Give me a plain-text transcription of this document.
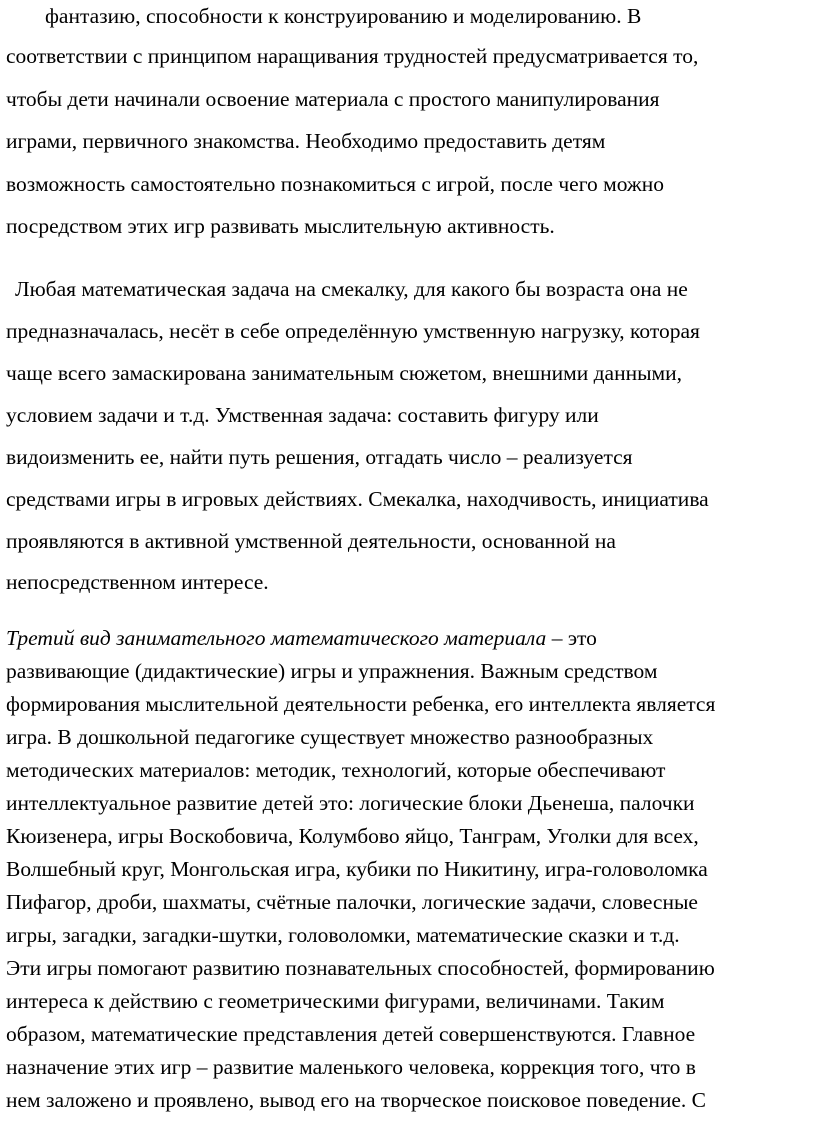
фантазию, способности к конструированию и моделированию. В
соответствии с принципом наращивания трудностей предусматривается то,
чтобы дети начинали освоение материала с простого манипулирования
играми, первичного знакомства. Необходимо предоставить детям
возможность самостоятельно познакомиться с игрой, после чего можно
посредством этих игр развивать мыслительную активность.
Любая математическая задача на смекалку, для какого бы возраста она не
предназначалась, несёт в себе определённую умственную нагрузку, которая
чаще всего замаскирована занимательным сюжетом, внешними данными,
условием задачи и т.д. Умственная задача: составить фигуру или
видоизменить ее, найти путь решения, отгадать число – реализуется
средствами игры в игровых действиях. Смекалка, находчивость, инициатива
проявляются в активной умственной деятельности, основанной на
непосредственном интересе.
Третий вид занимательного математического материала – это
развивающие (дидактические) игры и упражнения. Важным средством
формирования мыслительной деятельности ребенка, его интеллекта является
игра. В дошкольной педагогике существует множество разнообразных
методических материалов: методик, технологий, которые обеспечивают
интеллектуальное развитие детей это: логические блоки Дьенеша, палочки
Кюизенера, игры Воскобовича, Колумбово яйцо, Танграм, Уголки для всех,
Волшебный круг, Монгольская игра, кубики по Никитину, игра-головоломка
Пифагор, дроби, шахматы, счётные палочки, логические задачи, словесные
игры, загадки, загадки-шутки, головоломки, математические сказки и т.д.
Эти игры помогают развитию познавательных способностей, формированию
интереса к действию с геометрическими фигурами, величинами. Таким
образом, математические представления детей совершенствуются. Главное
назначение этих игр – развитие маленького человека, коррекция того, что в
нем заложено и проявлено, вывод его на творческое поисковое поведение. С
